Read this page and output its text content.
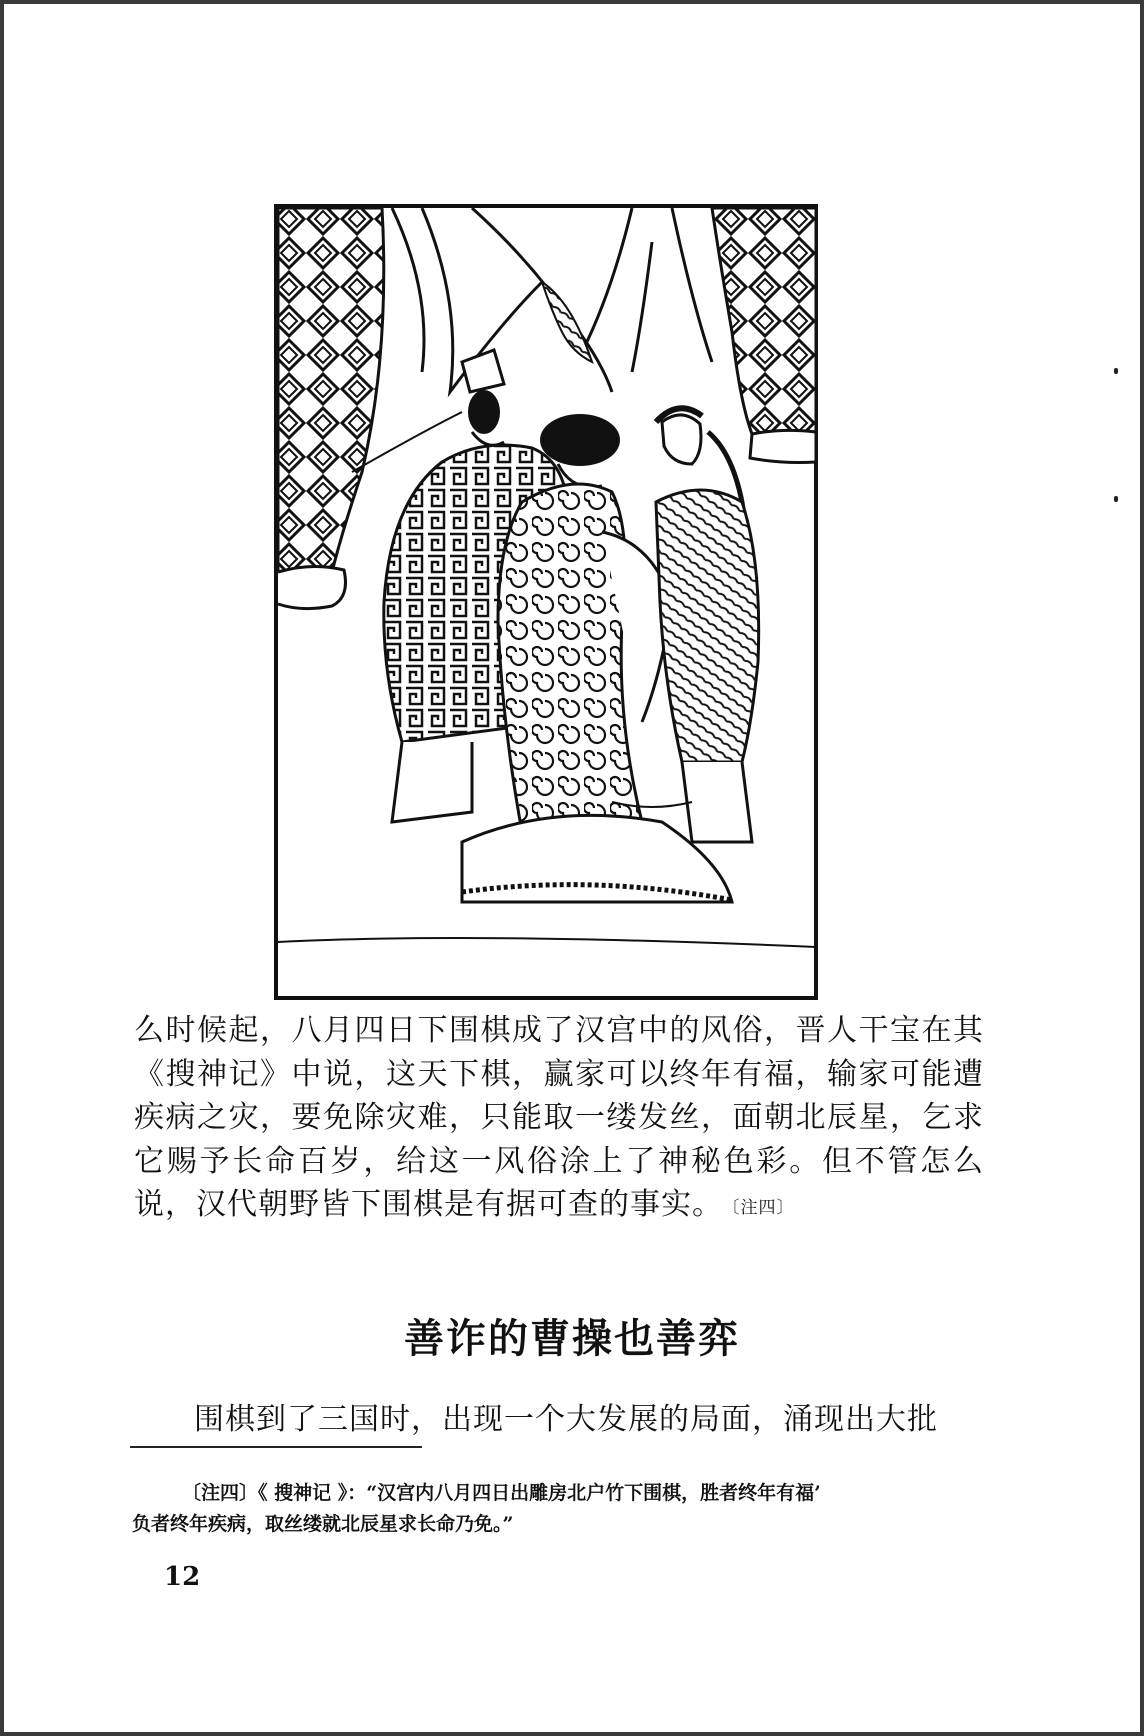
么时候起，八月四日下围棋成了汉宫中的风俗，晋人干宝在其《搜神记》中说，这天下棋，赢家可以终年有福，输家可能遭疾病之灾，要免除灾难，只能取一缕发丝，面朝北辰星，乞求它赐予长命百岁，给这一风俗涂上了神秘色彩。但不管怎么说，汉代朝野皆下围棋是有据可查的事实。 $^{〔注四〕}$

善诈的曹操也善弈
围棋到了三国时，出现一个大发展的局面，涌现出大批
〔注四〕《 搜神记 》：“汉宫内八月四日出雕房北户竹下围棋，胜者终年有福’
负者终年疾病，取丝缕就北辰星求长命乃免。”
12
